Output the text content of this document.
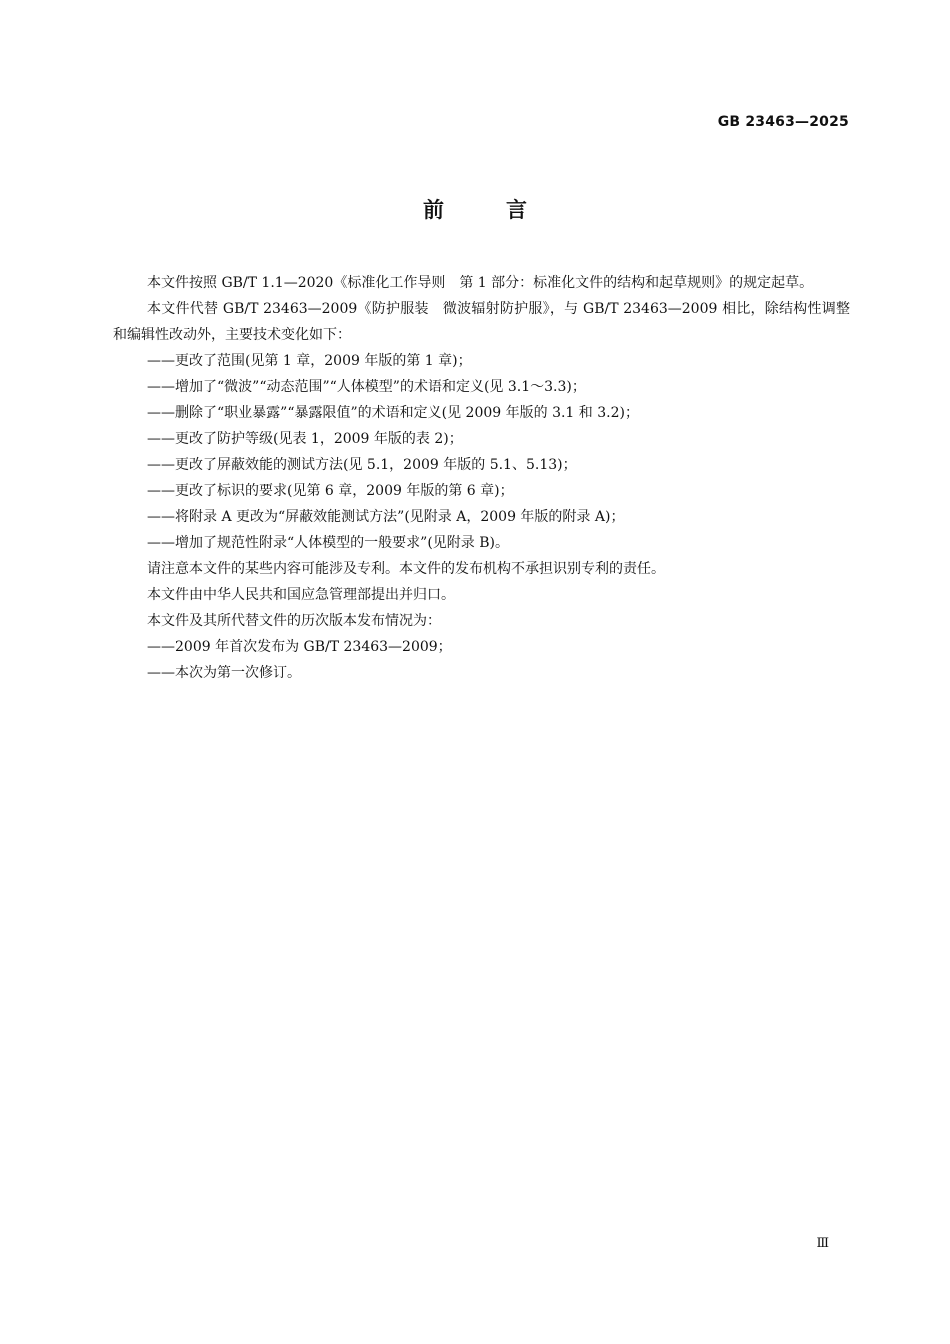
GB 23463—2025
前	言

本文件按照 GB/T 1.1—2020《标准化工作导则　第 1 部分：标准化文件的结构和起草规则》的规定起草。

本文件代替 GB/T 23463—2009《防护服装　微波辐射防护服》，与 GB/T 23463—2009 相比，除结构性调整和编辑性改动外，主要技术变化如下：

——更改了范围(见第 1 章，2009 年版的第 1 章)；

——增加了“微波”“动态范围”“人体模型”的术语和定义(见 3.1～3.3)；

——删除了“职业暴露”“暴露限值”的术语和定义(见 2009 年版的 3.1 和 3.2)；

——更改了防护等级(见表 1，2009 年版的表 2)；

——更改了屏蔽效能的测试方法(见 5.1，2009 年版的 5.1、5.13)；

——更改了标识的要求(见第 6 章，2009 年版的第 6 章)；

——将附录 A 更改为“屏蔽效能测试方法”(见附录 A，2009 年版的附录 A)；

——增加了规范性附录“人体模型的一般要求”(见附录 B)。

请注意本文件的某些内容可能涉及专利。本文件的发布机构不承担识别专利的责任。

本文件由中华人民共和国应急管理部提出并归口。

本文件及其所代替文件的历次版本发布情况为：

——2009 年首次发布为 GB/T 23463—2009；

——本次为第一次修订。

Ⅲ
